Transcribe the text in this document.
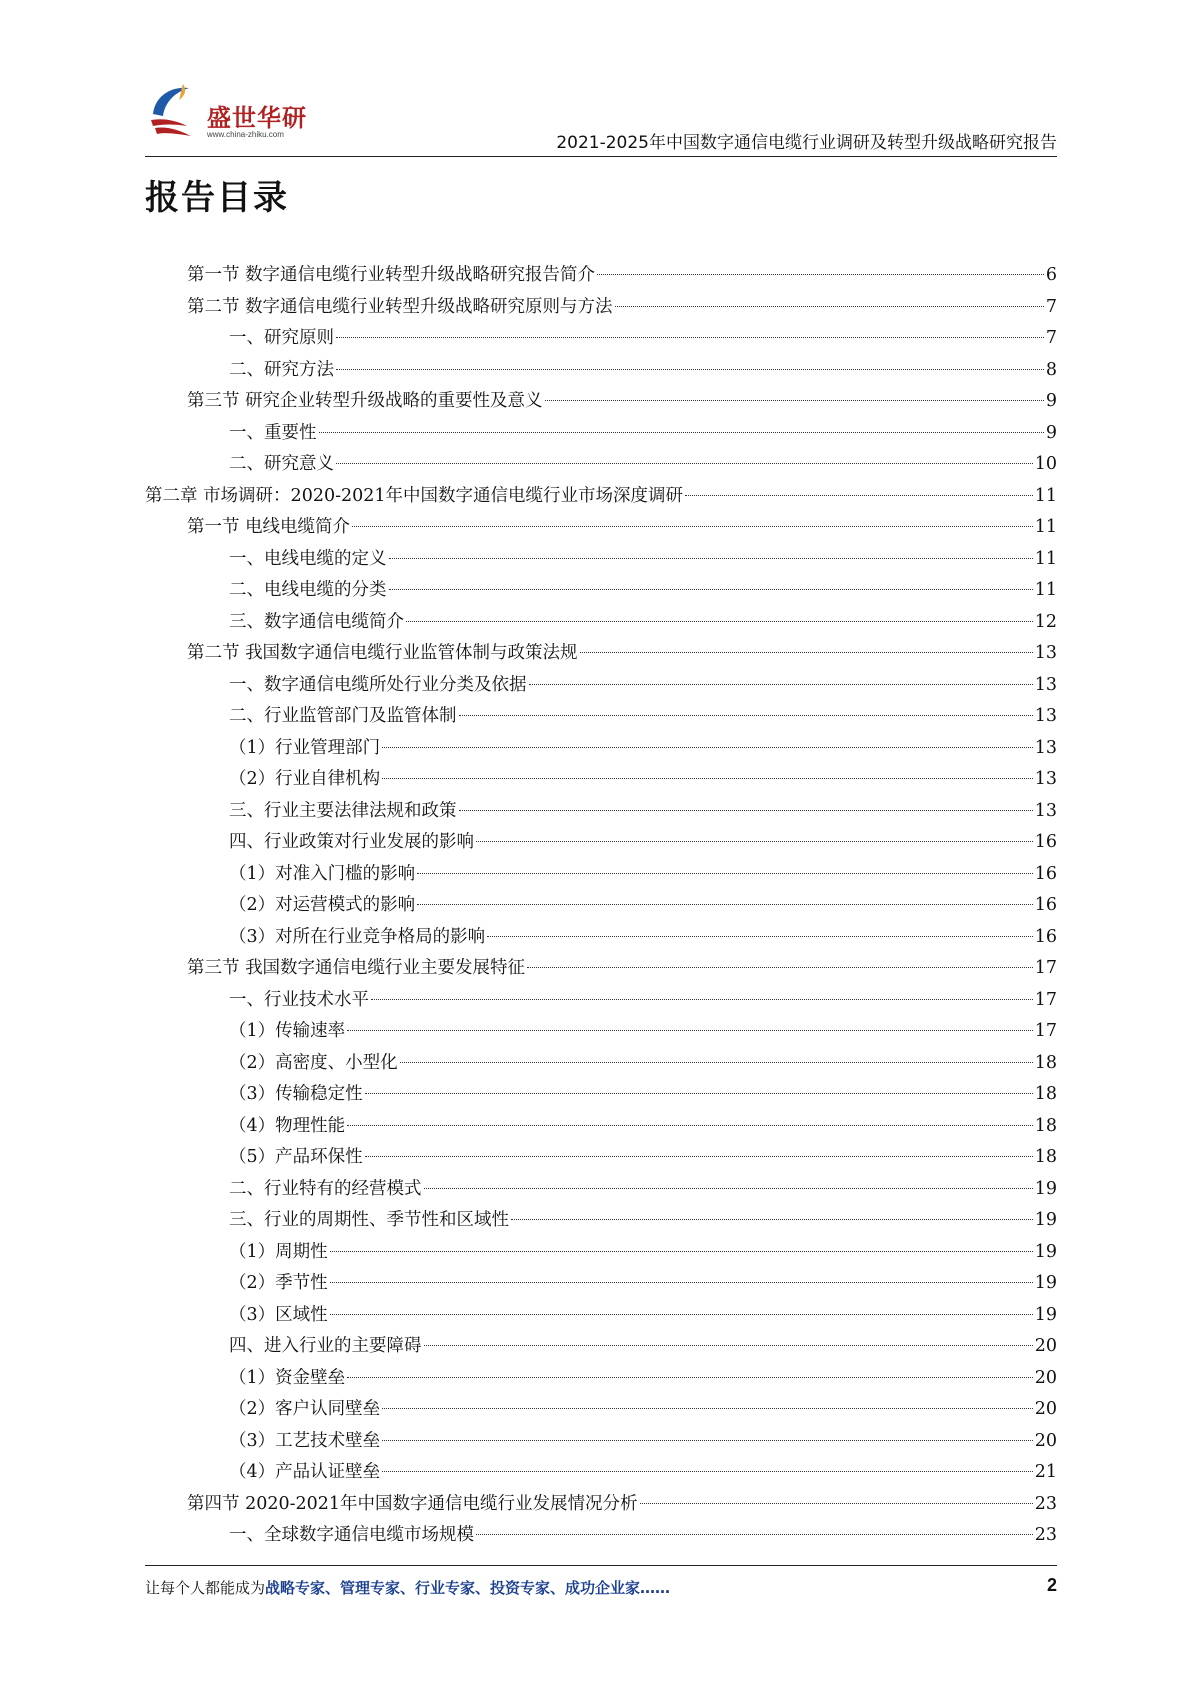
盛世华研
www.china-zhiku.com	2021-2025年中国数字通信电缆行业调研及转型升级战略研究报告
报告目录
第一节 数字通信电缆行业转型升级战略研究报告简介	6
第二节 数字通信电缆行业转型升级战略研究原则与方法	7
一、研究原则	7
二、研究方法	8
第三节 研究企业转型升级战略的重要性及意义	9
一、重要性	9
二、研究意义	10
第二章 市场调研：2020-2021年中国数字通信电缆行业市场深度调研	11
第一节 电线电缆简介	11
一、电线电缆的定义	11
二、电线电缆的分类	11
三、数字通信电缆简介	12
第二节 我国数字通信电缆行业监管体制与政策法规	13
一、数字通信电缆所处行业分类及依据	13
二、行业监管部门及监管体制	13
（1）行业管理部门	13
（2）行业自律机构	13
三、行业主要法律法规和政策	13
四、行业政策对行业发展的影响	16
（1）对准入门槛的影响	16
（2）对运营模式的影响	16
（3）对所在行业竞争格局的影响	16
第三节 我国数字通信电缆行业主要发展特征	17
一、行业技术水平	17
（1）传输速率	17
（2）高密度、小型化	18
（3）传输稳定性	18
（4）物理性能	18
（5）产品环保性	18
二、行业特有的经营模式	19
三、行业的周期性、季节性和区域性	19
（1）周期性	19
（2）季节性	19
（3）区域性	19
四、进入行业的主要障碍	20
（1）资金壁垒	20
（2）客户认同壁垒	20
（3）工艺技术壁垒	20
（4）产品认证壁垒	21
第四节 2020-2021年中国数字通信电缆行业发展情况分析	23
一、全球数字通信电缆市场规模	23
让每个人都能成为战略专家、管理专家、行业专家、投资专家、成功企业家……	2
